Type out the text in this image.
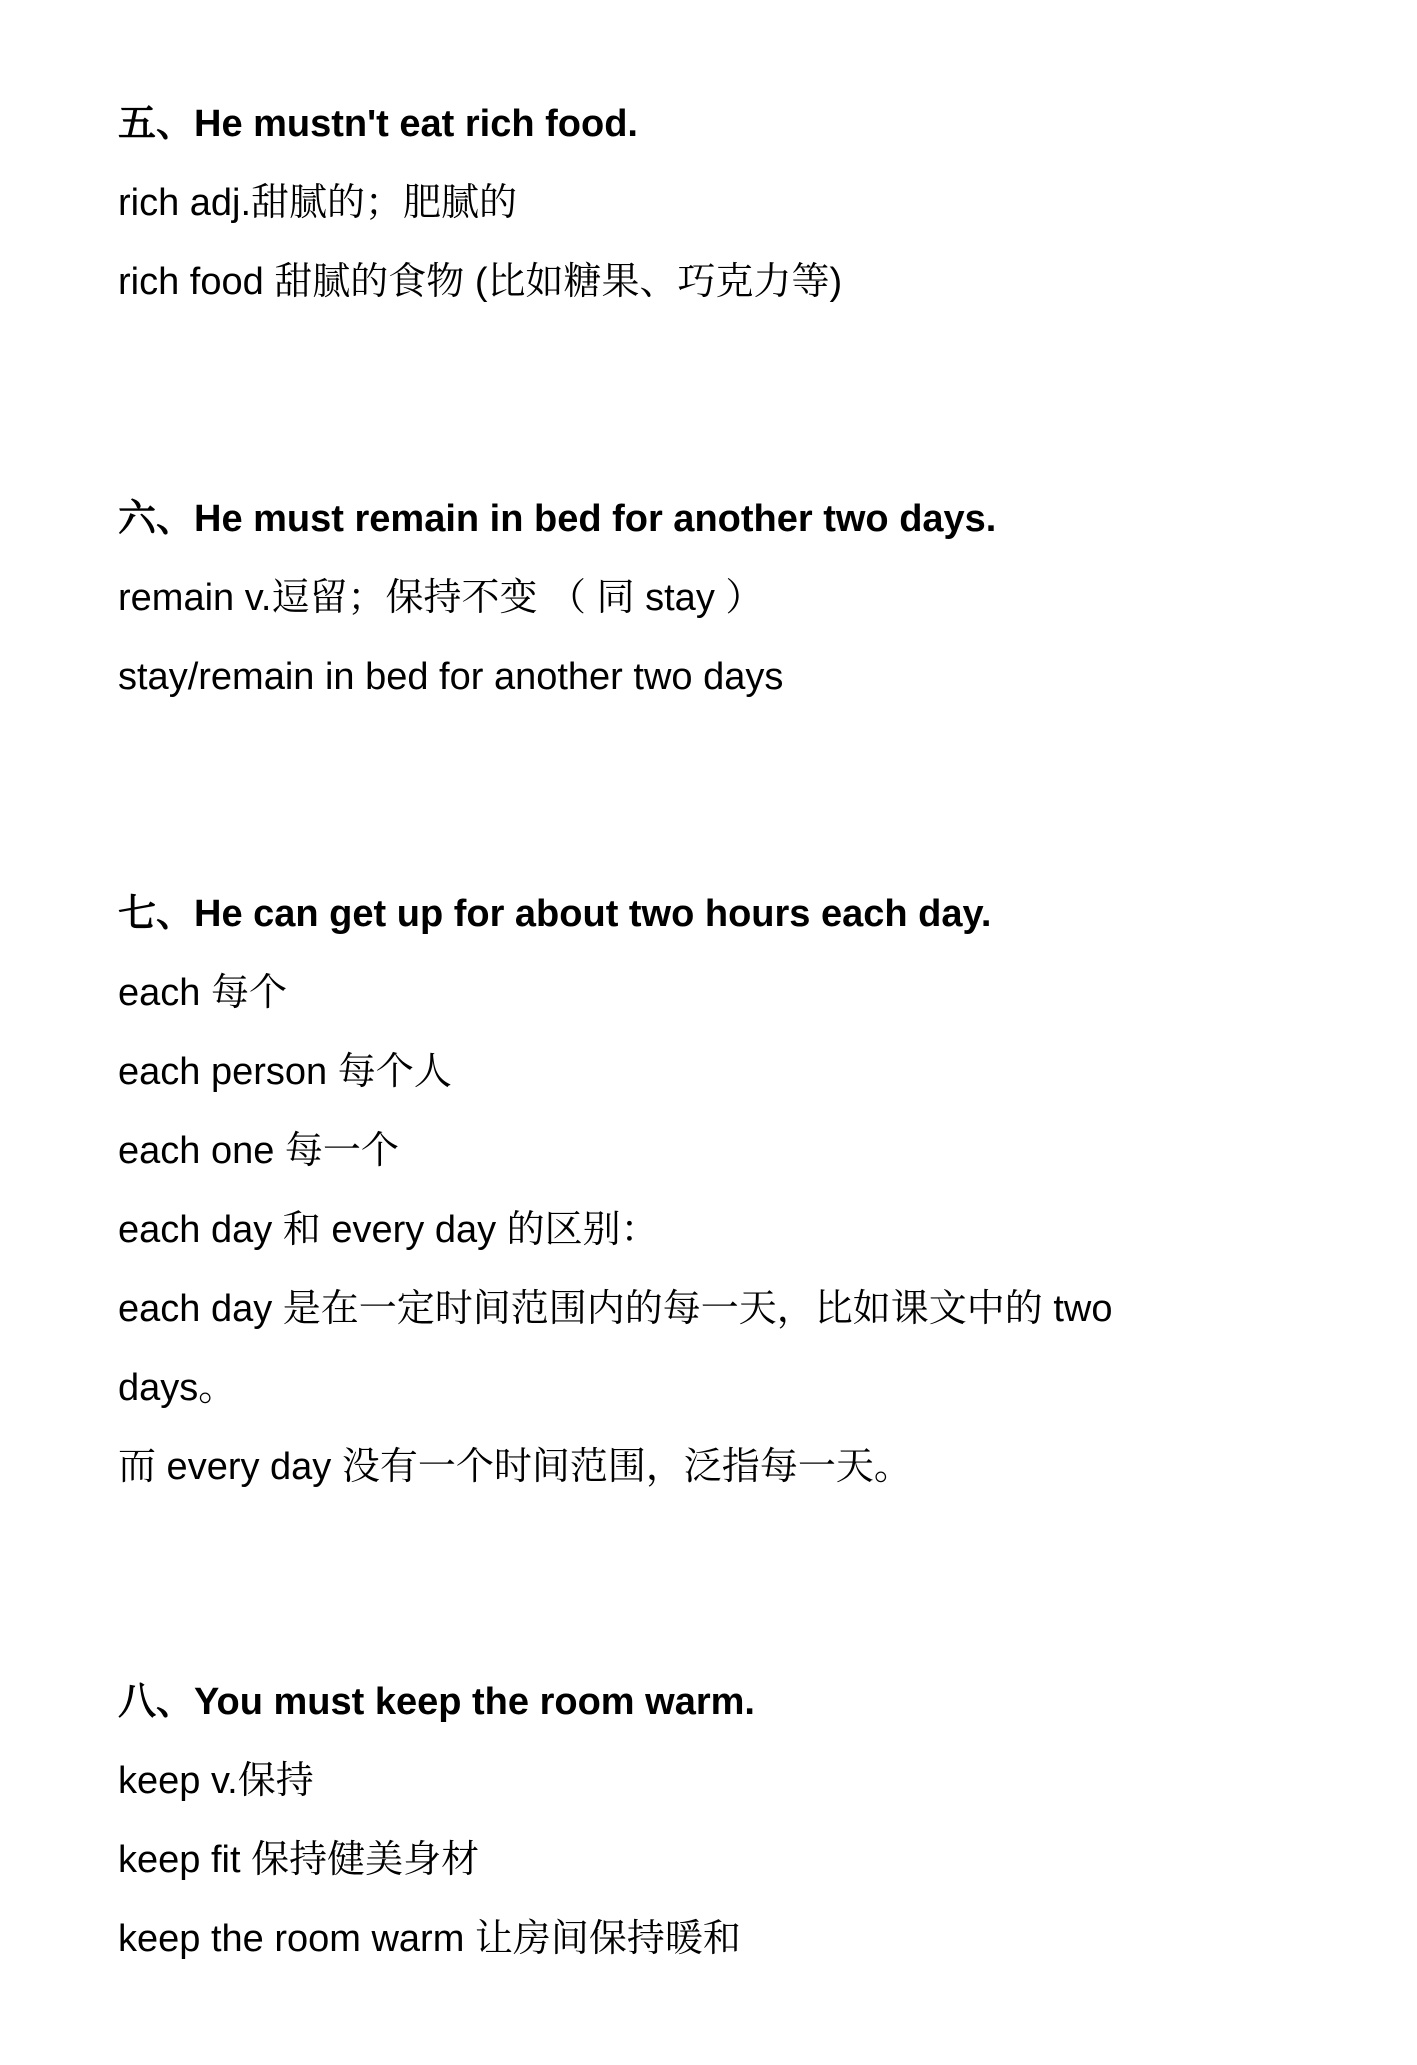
五、He mustn't eat rich food.
rich adj.甜腻的；肥腻的
rich food 甜腻的食物 (比如糖果、巧克力等)
六、He must remain in bed for another two days.
remain v.逗留；保持不变 （ 同 stay ）
stay/remain in bed for another two days
七、He can get up for about two hours each day.
each 每个
each person 每个人
each one 每一个
each day 和 every day 的区别：
each day 是在一定时间范围内的每一天，比如课文中的 two
days。
而 every day 没有一个时间范围，泛指每一天。
八、You must keep the room warm.
keep v.保持
keep fit 保持健美身材
keep the room warm 让房间保持暖和
